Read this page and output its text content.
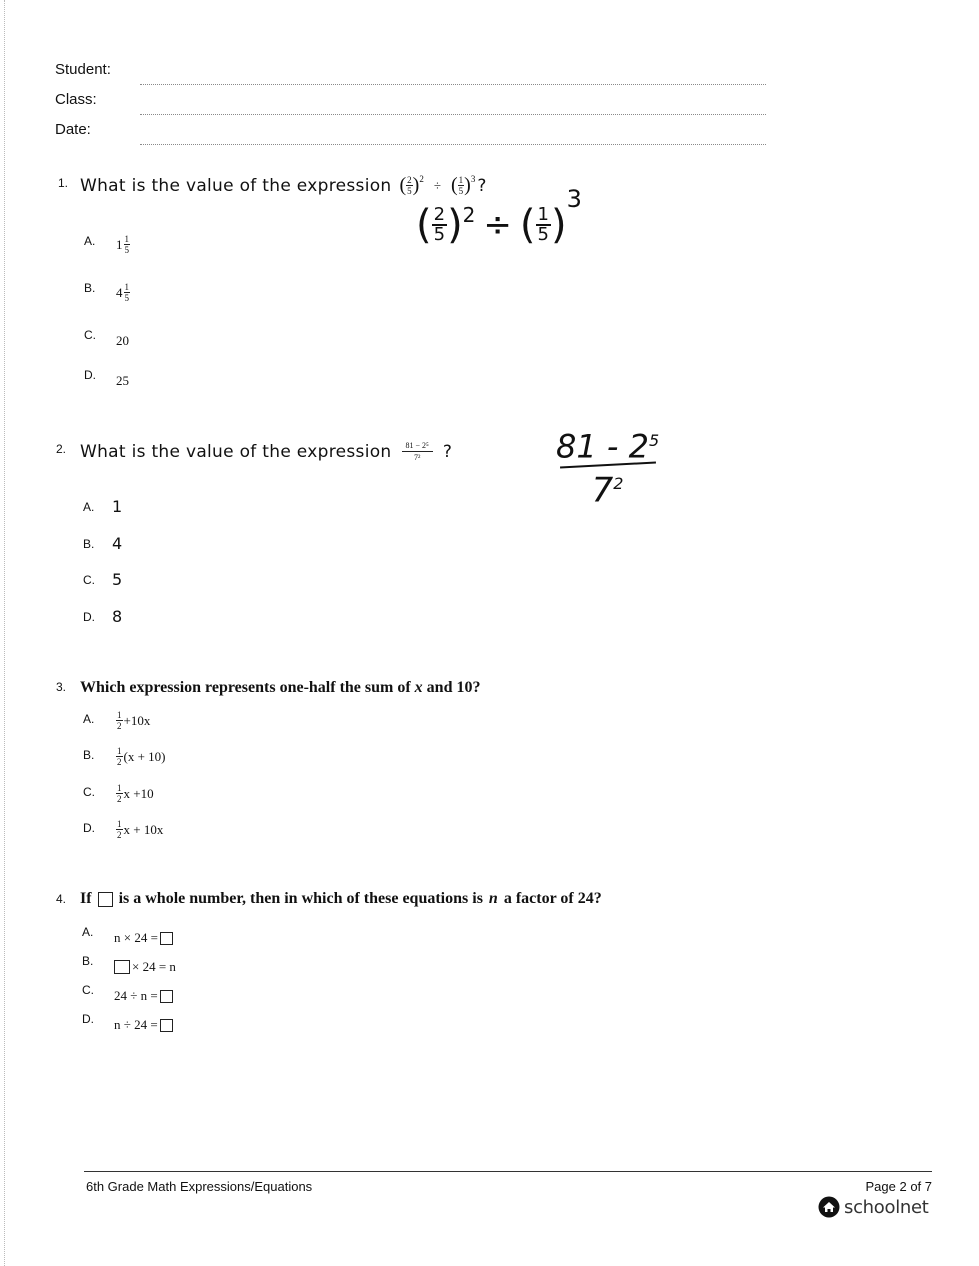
Student:
Class:
Date:
1. What is the value of the expression ( $\frac{2}{5} )^2$ ÷ ( $\frac{1}{5} )^3$ ?
A. $1 \frac{1}{5}$
B. $4 \frac{1}{5}$
C. 20
D. 25
( 2
5 )$^2$ ÷ ( 1
5 )
$^3$
2. What is the value of the expression $\frac{\text{81 − 2⁵}}{\text{7²}}$ ?
A. 1
B. 4
C. 5
D. 8
$81 - 2^5$
$7^2$
3. Which expression represents one-half the sum of x and 10?
A. $\frac{1}{2} +10x$
B. $\frac{1}{2} (x + 10)$
C. $\frac{1}{2}$ x +10
D. $\frac{1}{2}$ x + 10x
4. If is a whole number, then in which of these equations is n a factor of 24?
A. n × 24 =
B.	× 24 = n
C. 24 ÷ n =
D. n ÷ 24 =
6th Grade Math Expressions/Equations	Page 2 of 7
schoolnet
